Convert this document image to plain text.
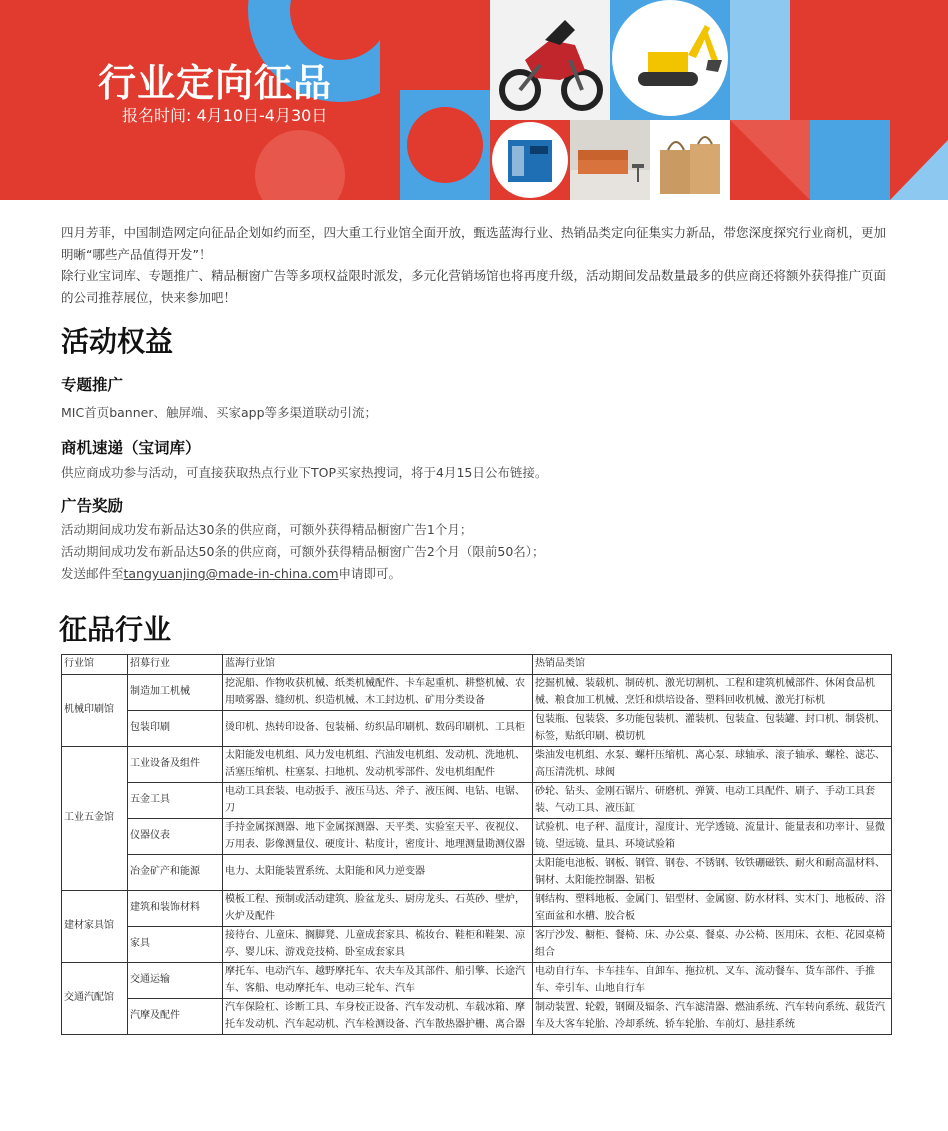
行业定向征品
报名时间: 4月10日-4月30日
四月芳菲，中国制造网定向征品企划如约而至，四大重工行业馆全面开放，甄选蓝海行业、热销品类定向征集实力新品，带您深度探究行业商机，更加明晰“哪些产品值得开发”！
除行业宝词库、专题推广、精品橱窗广告等多项权益限时派发，多元化营销场馆也将再度升级，活动期间发品数量最多的供应商还将额外获得推广页面的公司推荐展位，快来参加吧！
活动权益
专题推广
MIC首页banner、触屏端、买家app等多渠道联动引流；
商机速递（宝词库）
供应商成功参与活动，可直接获取热点行业下TOP买家热搜词，将于4月15日公布链接。
广告奖励
活动期间成功发布新品达30条的供应商，可额外获得精品橱窗广告1个月；
活动期间成功发布新品达50条的供应商，可额外获得精品橱窗广告2个月（限前50名）；
发送邮件至tangyuanjing@made-in-china.com申请即可。
征品行业
行业馆	招募行业	蓝海行业馆	热销品类馆
机械印刷馆	制造加工机械	挖泥船、作物收获机械、纸类机械配件、卡车起重机、耕整机械、农用喷雾器、缝纫机、织造机械、木工封边机、矿用分类设备	挖掘机械、装载机、制砖机、激光切割机、工程和建筑机械部件、休闲食品机械、粮食加工机械、烹饪和烘培设备、塑料回收机械、激光打标机
	包装印刷	烫印机、热转印设备、包装桶、纺织品印刷机、数码印刷机、工具柜	包装瓶、包装袋、多功能包装机、灌装机、包装盒、包装罐、封口机、制袋机、标签，贴纸印刷、模切机
工业五金馆	工业设备及组件	太阳能发电机组、风力发电机组、汽油发电机组、发动机、洗地机、活塞压缩机、柱塞泵、扫地机、发动机零部件、发电机组配件	柴油发电机组、水泵、螺杆压缩机、离心泵、球轴承、滚子轴承、螺栓、滤芯、高压清洗机、球阀
	五金工具	电动工具套装、电动扳手、液压马达、斧子、液压阀、电钻、电锯、刀	砂轮、钻头、金刚石锯片、研磨机、弹簧、电动工具配件、刷子、手动工具套装、气动工具、液压缸
	仪器仪表	手持金属探测器、地下金属探测器、天平类、实验室天平、夜视仪、万用表、影像测量仪、硬度计、粘度计，密度计、地理测量勘测仪器	试验机、电子秤、温度计，湿度计、光学透镜、流量计、能量表和功率计、显微镜、望远镜、量具、环境试验箱
	冶金矿产和能源	电力、太阳能装置系统、太阳能和风力逆变器	太阳能电池板、钢板、钢管、钢卷、不锈钢、钕铁硼磁铁、耐火和耐高温材料、铜材、太阳能控制器、铝板
建材家具馆	建筑和装饰材料	模板工程、预制或活动建筑、脸盆龙头、厨房龙头、石英砂、壁炉，火炉及配件	钢结构、塑料地板、金属门、铝型材、金属窗、防水材料、实木门、地板砖、浴室面盆和水槽、胶合板
	家具	接待台、儿童床、搁脚凳、儿童成套家具、梳妆台、鞋柜和鞋架、凉亭、婴儿床、游戏竞技椅、卧室成套家具	客厅沙发、橱柜、餐椅、床、办公桌、餐桌、办公椅、医用床、衣柜、花园桌椅组合
交通汽配馆	交通运输	摩托车、电动汽车、越野摩托车、农夫车及其部件、船引擎、长途汽车、客船、电动摩托车、电动三轮车、汽车	电动自行车、卡车挂车、自卸车、拖拉机、叉车、流动餐车、货车部件、手推车、牵引车、山地自行车
	汽摩及配件	汽车保险杠、诊断工具、车身校正设备、汽车发动机、车载冰箱、摩托车发动机、汽车起动机、汽车检测设备、汽车散热器护栅、离合器	制动装置、轮毂，钢圈及辐条、汽车滤清器、燃油系统、汽车转向系统、载货汽车及大客车轮胎、冷却系统、轿车轮胎、车前灯、悬挂系统
